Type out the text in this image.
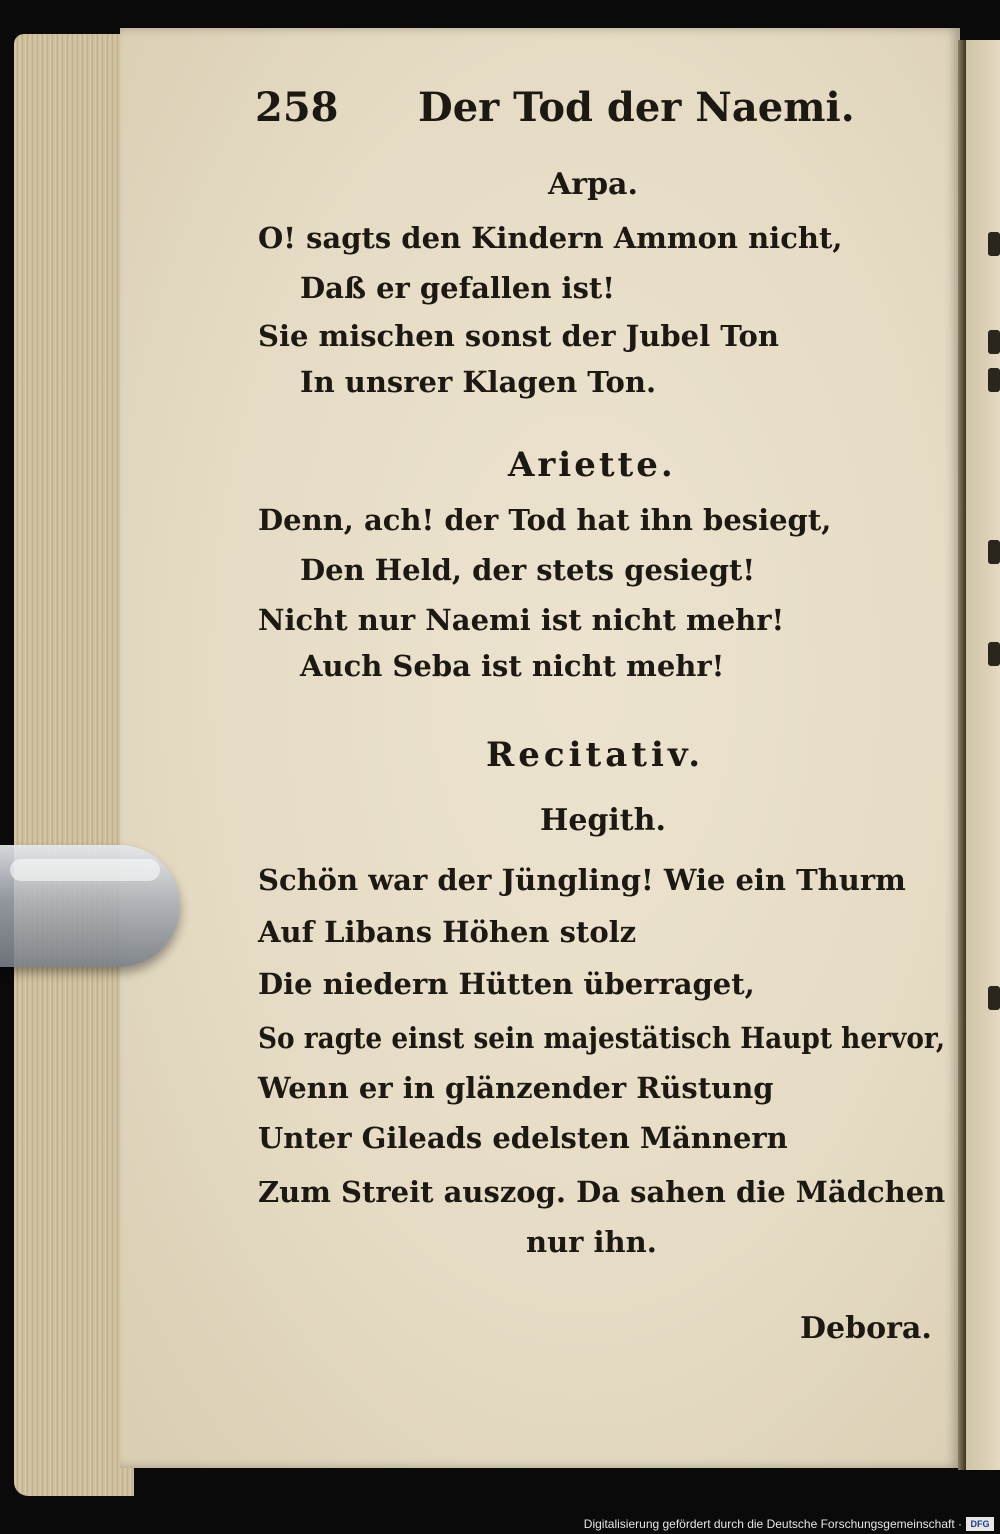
258 Der Tod der Naemi.
Arpa.
O! sagts den Kindern Ammon nicht,
Daß er gefallen ist!
Sie mischen sonst der Jubel Ton
In unsrer Klagen Ton.
Ariette.
Denn, ach! der Tod hat ihn besiegt,
Den Held, der stets gesiegt!
Nicht nur Naemi ist nicht mehr!
Auch Seba ist nicht mehr!
Recitativ.
Hegith.
Schön war der Jüngling! Wie ein Thurm
Auf Libans Höhen stolz
Die niedern Hütten überraget,
So ragte einst sein majestätisch Haupt hervor,
Wenn er in glänzender Rüstung
Unter Gileads edelsten Männern
Zum Streit auszog. Da sahen die Mädchen
nur ihn.
Debora.
Digitalisierung gefördert durch die Deutsche Forschungsgemeinschaft · DFG
